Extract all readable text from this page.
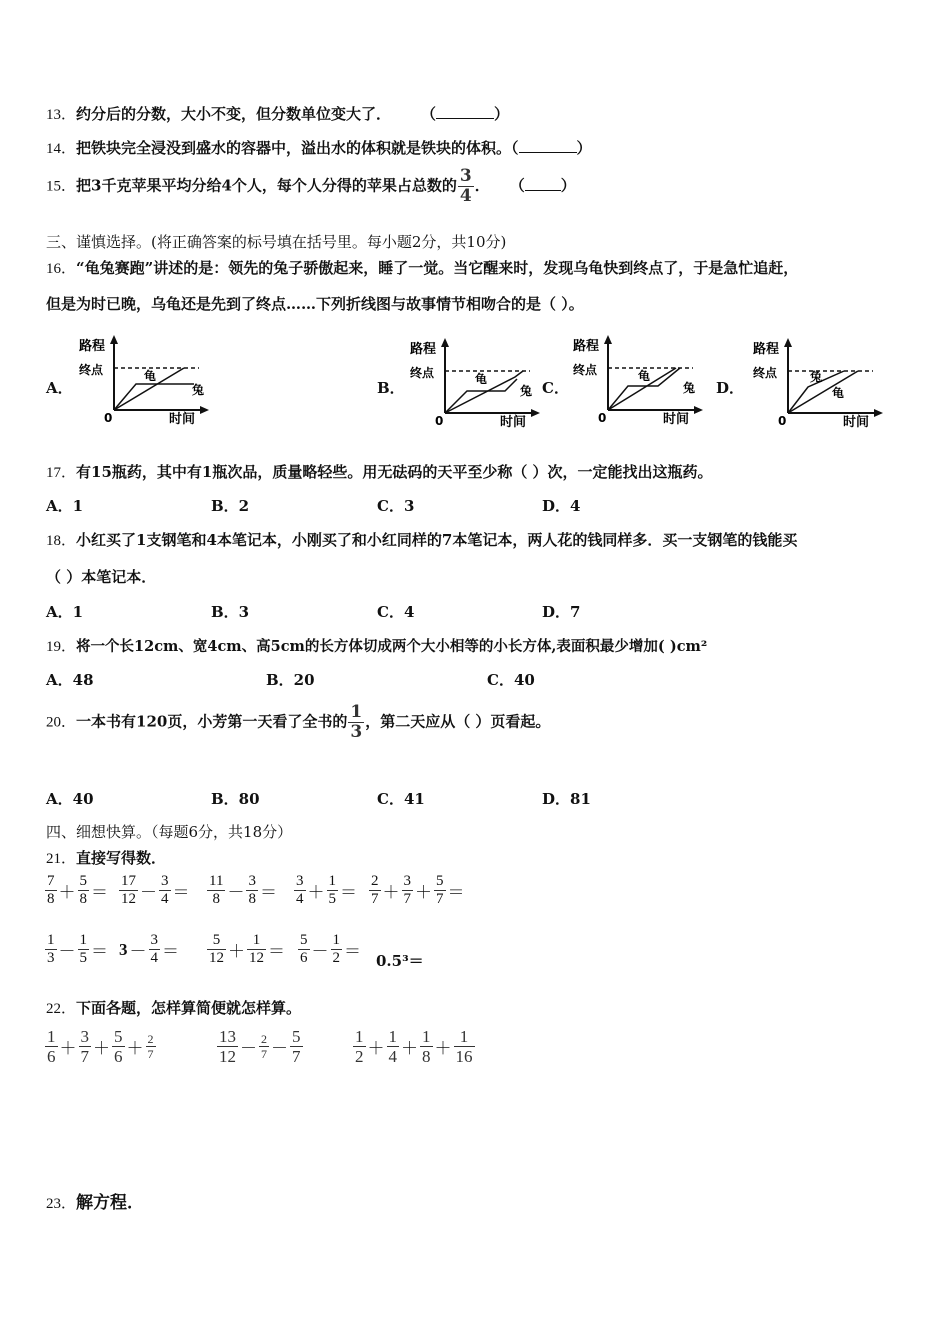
13．约分后的分数，大小不变，但分数单位变大了． （	）
14．把铁块完全浸没到盛水的容器中，溢出水的体积就是铁块的体积。（	）
15．把3千克苹果平均分给4个人，每个人分得的苹果占总数的 $\frac{3}{4}$ ． （ ）
三、谨慎选择。(将正确答案的标号填在括号里。每小题2分，共10分)
16．“龟兔赛跑”讲述的是：领先的兔子骄傲起来，睡了一觉。当它醒来时，发现乌龟快到终点了，于是急忙追赶，
但是为时已晚，乌龟还是先到了终点……下列折线图与故事情节相吻合的是（ ）。
A．	B．	C．	D．
路程
终点
0	时间
龟
兔
路程
终点
0	时间
龟
兔
路程
终点
0	时间
龟
兔
路程
终点
0	时间
兔
龟
17．有15瓶药，其中有1瓶次品，质量略轻些。用无砝码的天平至少称（ ）次，一定能找出这瓶药。
A．1	B．2	C．3	D．4
18．小红买了1支钢笔和4本笔记本，小刚买了和小红同样的7本笔记本，两人花的钱同样多．买一支钢笔的钱能买
（ ）本笔记本．
A．1	B．3	C．4	D．7
19．将一个长12cm、宽4cm、高5cm的长方体切成两个大小相等的小长方体,表面积最少增加( )cm²
A．48	B．20	C．40
20．一本书有120页，小芳第一天看了全书的 $\frac{1}{3}$ ，第二天应从（ ）页看起。
A．40	B．80	C．41	D．81
四、细想快算。（每题6分，共18分）
21．直接写得数．
$\frac{7}{8} + \frac{5}{8} = \frac{17}{12} - \frac{3}{4} = \frac{11}{8} - \frac{3}{8} = \frac{3}{4} + \frac{1}{5} = \frac{2}{7} + \frac{3}{7} + \frac{5}{7}$ ＝
$\frac{1}{3} - \frac{1}{5} = 3 - \frac{3}{4} = \frac{5}{12} + \frac{1}{12} = \frac{5}{6} - \frac{1}{2} = 0.5^3=$
22．下面各题，怎样算简便就怎样算。
$\frac{1}{6} + \frac{3}{7} + \frac{5}{6} + \frac{2}{7}$	$\frac{13}{12} - \frac{2}{7} - \frac{5}{7}$	$\frac{1}{2} + \frac{1}{4} + \frac{1}{8} + \frac{1}{16}$
23．解方程．
